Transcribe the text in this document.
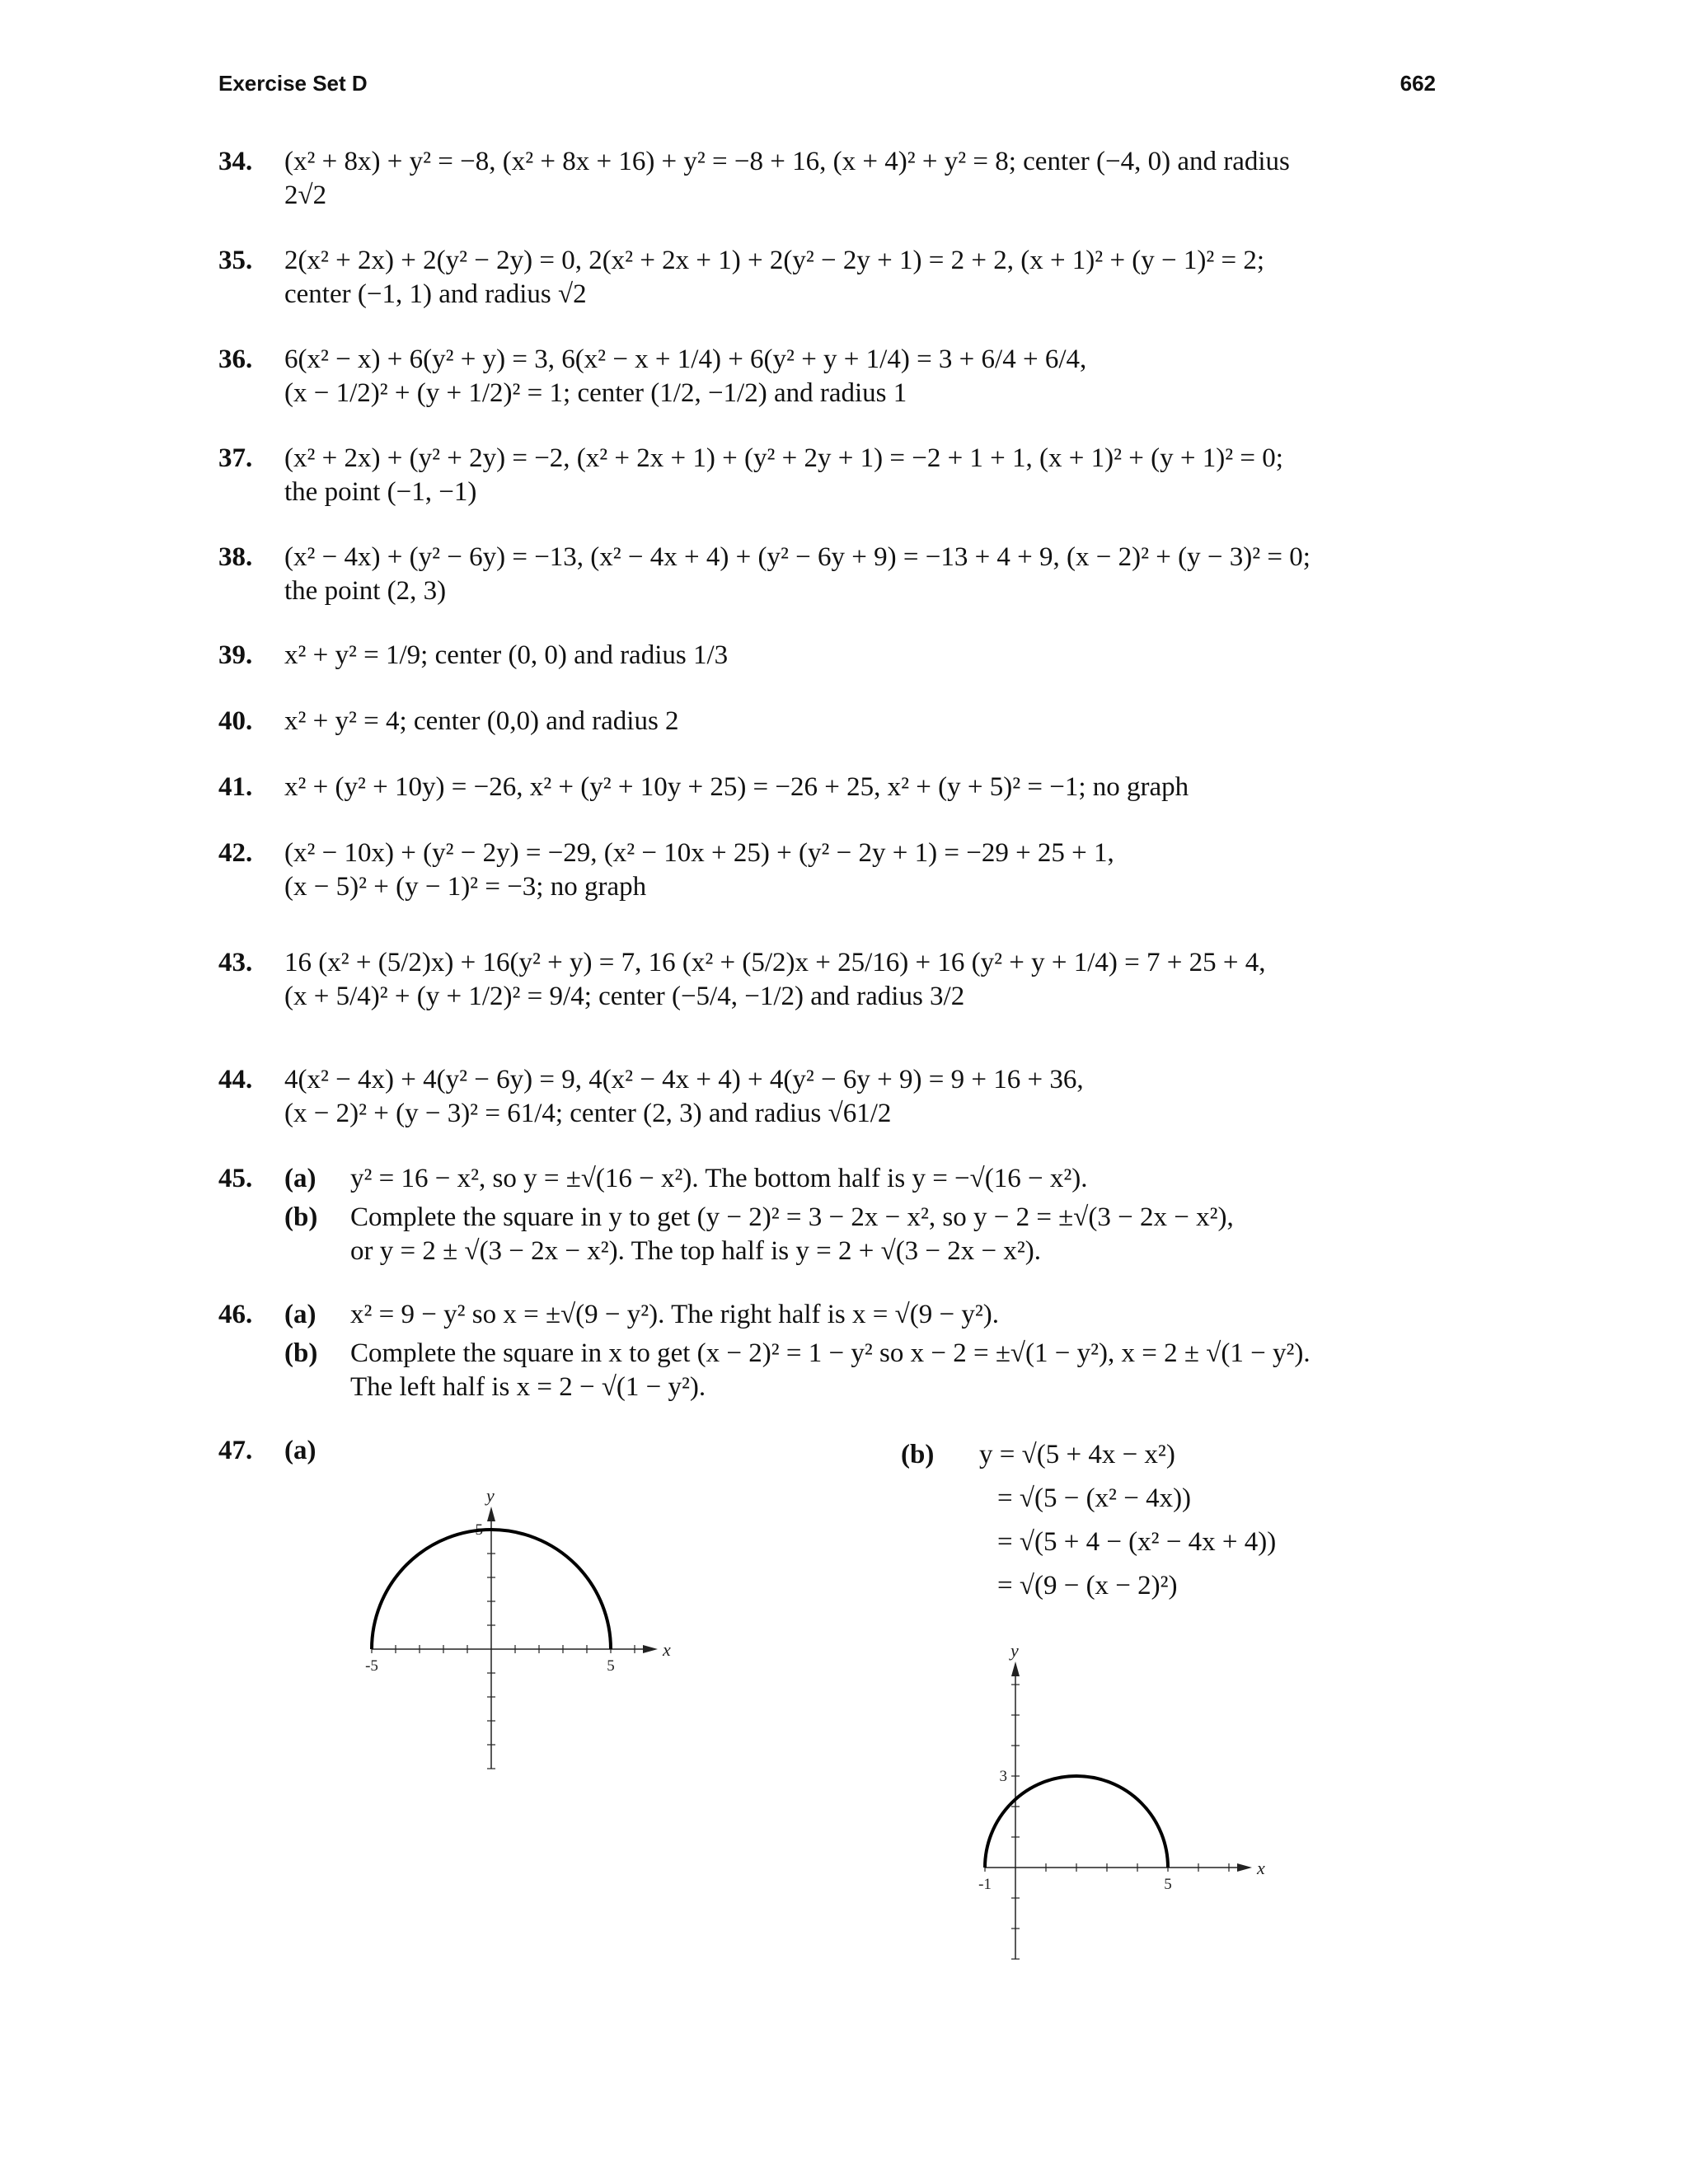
Exercise Set D	662
34. (x² + 8x) + y² = −8, (x² + 8x + 16) + y² = −8 + 16, (x + 4)² + y² = 8; center (−4, 0) and radius
2√2
35. 2(x² + 2x) + 2(y² − 2y) = 0, 2(x² + 2x + 1) + 2(y² − 2y + 1) = 2 + 2, (x + 1)² + (y − 1)² = 2;
center (−1, 1) and radius √2
36. 6(x² − x) + 6(y² + y) = 3, 6(x² − x + 1/4) + 6(y² + y + 1/4) = 3 + 6/4 + 6/4,
(x − 1/2)² + (y + 1/2)² = 1; center (1/2, −1/2) and radius 1
37. (x² + 2x) + (y² + 2y) = −2, (x² + 2x + 1) + (y² + 2y + 1) = −2 + 1 + 1, (x + 1)² + (y + 1)² = 0;
the point (−1, −1)
38. (x² − 4x) + (y² − 6y) = −13, (x² − 4x + 4) + (y² − 6y + 9) = −13 + 4 + 9, (x − 2)² + (y − 3)² = 0;
the point (2, 3)
39. x² + y² = 1/9; center (0, 0) and radius 1/3
40. x² + y² = 4; center (0,0) and radius 2
41. x² + (y² + 10y) = −26, x² + (y² + 10y + 25) = −26 + 25, x² + (y + 5)² = −1; no graph
42. (x² − 10x) + (y² − 2y) = −29, (x² − 10x + 25) + (y² − 2y + 1) = −29 + 25 + 1,
(x − 5)² + (y − 1)² = −3; no graph
43. 16 (x² + (5/2)x) + 16(y² + y) = 7, 16 (x² + (5/2)x + 25/16) + 16 (y² + y + 1/4) = 7 + 25 + 4,
(x + 5/4)² + (y + 1/2)² = 9/4; center (−5/4, −1/2) and radius 3/2
44. 4(x² − 4x) + 4(y² − 6y) = 9, 4(x² − 4x + 4) + 4(y² − 6y + 9) = 9 + 16 + 36,
(x − 2)² + (y − 3)² = 61/4; center (2, 3) and radius √61/2
45. (a) y² = 16 − x², so y = ±√(16 − x²). The bottom half is y = −√(16 − x²).
(b) Complete the square in y to get (y − 2)² = 3 − 2x − x², so y − 2 = ±√(3 − 2x − x²),
or y = 2 ± √(3 − 2x − x²). The top half is y = 2 + √(3 − 2x − x²).
46. (a) x² = 9 − y² so x = ±√(9 − y²). The right half is x = √(9 − y²).
(b) Complete the square in x to get (x − 2)² = 1 − y² so x − 2 = ±√(1 − y²), x = 2 ± √(1 − y²).
The left half is x = 2 − √(1 − y²).
47. (a)	(b) y = √(5 + 4x − x²)
= √(5 − (x² − 4x))
= √(5 + 4 − (x² − 4x + 4))
= √(9 − (x − 2)²)
x
y
-5	5
5
x
y
-1	5
3
